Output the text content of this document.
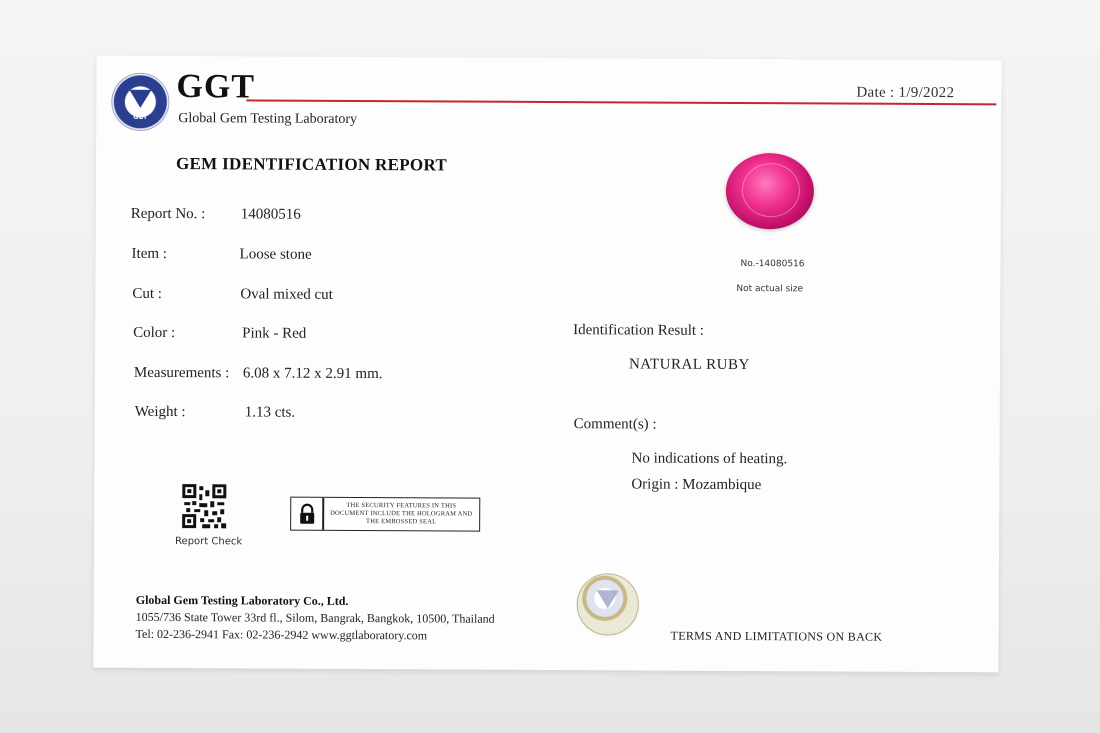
GGT
GGT
Global Gem Testing Laboratory
Date : 1/9/2022
GEM IDENTIFICATION REPORT
Report No. : 14080516
Item :	Loose stone
Cut :	Oval mixed cut
Color :	Pink - Red
Measurements : 6.08 x 7.12 x 2.91 mm.
Weight :	1.13 cts.
No.-14080516
Not actual size
Identification Result :
NATURAL RUBY
Comment(s) :
No indications of heating.
Origin : Mozambique
Report Check
THE SECURITY FEATURES IN THIS DOCUMENT INCLUDE THE HOLOGRAM AND THE EMBOSSED SEAL
Global Gem Testing Laboratory Co., Ltd.
1055/736 State Tower 33rd fl., Silom, Bangrak, Bangkok, 10500, Thailand
Tel: 02-236-2941 Fax: 02-236-2942 www.ggtlaboratory.com	TERMS AND LIMITATIONS ON BACK
